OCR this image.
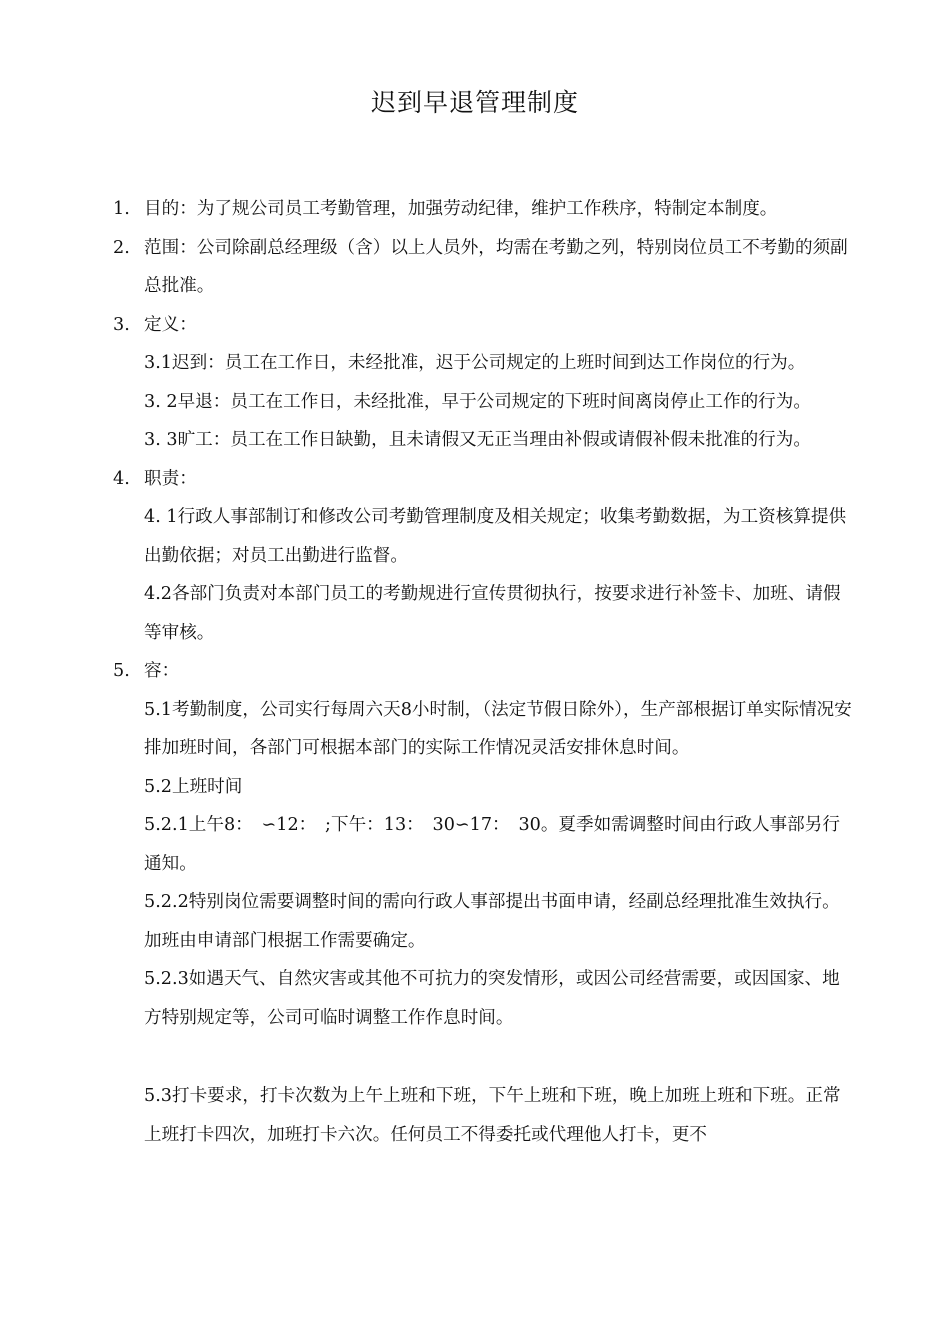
迟到早退管理制度
1. 目的：为了规公司员工考勤管理，加强劳动纪律，维护工作秩序，特制定本制度。
2. 范围：公司除副总经理级（含）以上人员外，均需在考勤之列，特别岗位员工不考勤的须副总批准。
3. 定义：
3.1迟到：员工在工作日，未经批准，迟于公司规定的上班时间到达工作岗位的行为。
3. 2早退：员工在工作日，未经批准，早于公司规定的下班时间离岗停止工作的行为。
3. 3旷工：员工在工作日缺勤，且未请假又无正当理由补假或请假补假未批准的行为。
4. 职责：
4. 1行政人事部制订和修改公司考勤管理制度及相关规定；收集考勤数据，为工资核算提供出勤依据；对员工出勤进行监督。
4.2各部门负责对本部门员工的考勤规进行宣传贯彻执行，按要求进行补签卡、加班、请假等审核。
5. 容：
5.1考勤制度，公司实行每周六天8小时制，（法定节假日除外），生产部根据订单实际情况安排加班时间，各部门可根据本部门的实际工作情况灵活安排休息时间。
5.2上班时间
5.2.1上午8：　∽12：　;下午：13：　30∽17：　30。夏季如需调整时间由行政人事部另行通知。
5.2.2特别岗位需要调整时间的需向行政人事部提出书面申请，经副总经理批准生效执行。加班由申请部门根据工作需要确定。
5.2.3如遇天气、自然灾害或其他不可抗力的突发情形，或因公司经营需要，或因国家、地方特别规定等，公司可临时调整工作作息时间。
5.3打卡要求，打卡次数为上午上班和下班，下午上班和下班，晚上加班上班和下班。正常上班打卡四次，加班打卡六次。任何员工不得委托或代理他人打卡，更不
